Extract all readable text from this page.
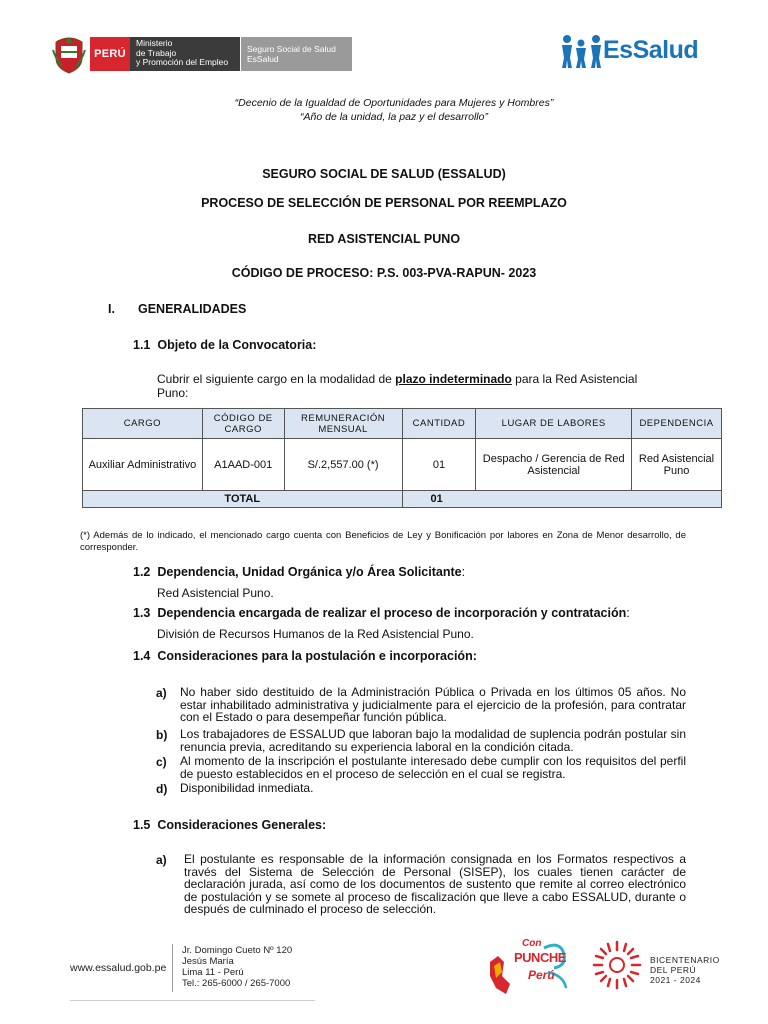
PERÚ
Ministerio
de Trabajo
y Promoción del Empleo
Seguro Social de Salud
EsSalud	EsSalud
“Decenio de la Igualdad de Oportunidades para Mujeres y Hombres”
“Año de la unidad, la paz y el desarrollo”
SEGURO SOCIAL DE SALUD (ESSALUD)
PROCESO DE SELECCIÓN DE PERSONAL POR REEMPLAZO
RED ASISTENCIAL PUNO
CÓDIGO DE PROCESO: P.S. 003-PVA-RAPUN- 2023
I. GENERALIDADES
1.1 Objeto de la Convocatoria:
Cubrir el siguiente cargo en la modalidad de plazo indeterminado para la Red Asistencial
Puno:
CARGO	CÓDIGO DE CARGO	REMUNERACIÓN MENSUAL	CANTIDAD	LUGAR DE LABORES	DEPENDENCIA
Auxiliar Administrativo	A1AAD-001	S/.2,557.00 (*)	01	Despacho / Gerencia de Red Asistencial	Red Asistencial Puno
TOTAL			01		
(*) Además de lo indicado, el mencionado cargo cuenta con Beneficios de Ley y Bonificación por labores en Zona de Menor desarrollo, de corresponder.
1.2 Dependencia, Unidad Orgánica y/o Área Solicitante:
Red Asistencial Puno.
1.3 Dependencia encargada de realizar el proceso de incorporación y contratación:
División de Recursos Humanos de la Red Asistencial Puno.
1.4 Consideraciones para la postulación e incorporación:
a) No haber sido destituido de la Administración Pública o Privada en los últimos 05 años. No estar inhabilitado administrativa y judicialmente para el ejercicio de la profesión, para contratar con el Estado o para desempeñar función pública.
b) Los trabajadores de ESSALUD que laboran bajo la modalidad de suplencia podrán postular sin renuncia previa, acreditando su experiencia laboral en la condición citada.
c) Al momento de la inscripción el postulante interesado debe cumplir con los requisitos del perfil de puesto establecidos en el proceso de selección en el cual se registra.
d) Disponibilidad inmediata.
1.5 Consideraciones Generales:
a) El postulante es responsable de la información consignada en los Formatos respectivos a través del Sistema de Selección de Personal (SISEP), los cuales tienen carácter de declaración jurada, así como de los documentos de sustento que remite al correo electrónico de postulación y se somete al proceso de fiscalización que lleve a cabo ESSALUD, durante o después de culminado el proceso de selección.
www.essalud.gob.pe
Jr. Domingo Cueto Nº 120
Jesús María
Lima 11 - Perú
Tel.: 265-6000 / 265-7000
Con
PUNCHE
Perú
BICENTENARIO
DEL PERÚ
2021 - 2024
